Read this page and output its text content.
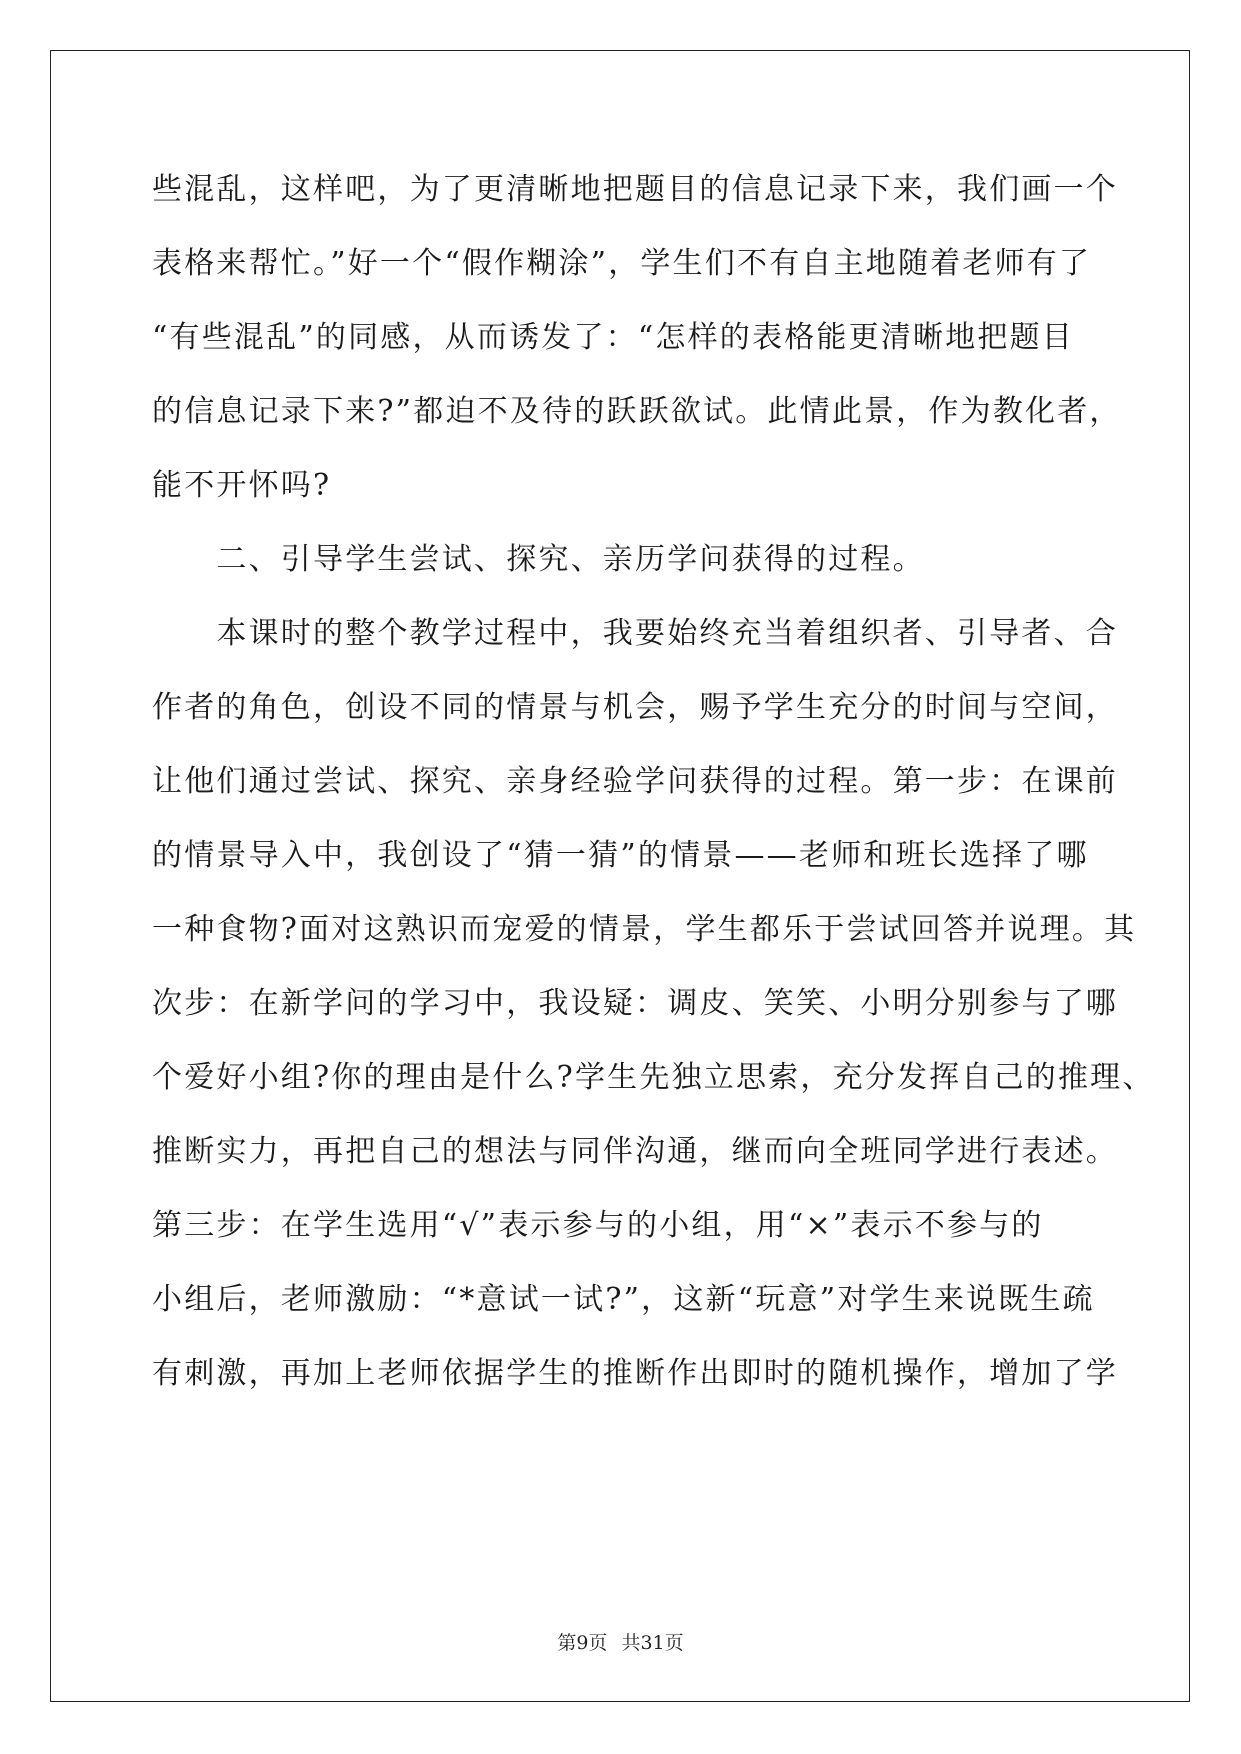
些混乱，这样吧，为了更清晰地把题目的信息记录下来，我们画一个
表格来帮忙。”好一个“假作糊涂”，学生们不有自主地随着老师有了
“有些混乱”的同感，从而诱发了：“怎样的表格能更清晰地把题目
的信息记录下来?”都迫不及待的跃跃欲试。此情此景，作为教化者，
能不开怀吗?
　　二、引导学生尝试、探究、亲历学问获得的过程。
　　本课时的整个教学过程中，我要始终充当着组织者、引导者、合
作者的角色，创设不同的情景与机会，赐予学生充分的时间与空间，
让他们通过尝试、探究、亲身经验学问获得的过程。第一步：在课前
的情景导入中，我创设了“猜一猜”的情景——老师和班长选择了哪
一种食物?面对这熟识而宠爱的情景，学生都乐于尝试回答并说理。其
次步：在新学问的学习中，我设疑：调皮、笑笑、小明分别参与了哪
个爱好小组?你的理由是什么?学生先独立思索，充分发挥自己的推理、
推断实力，再把自己的想法与同伴沟通，继而向全班同学进行表述。
第三步：在学生选用“√”表示参与的小组，用“×”表示不参与的
小组后，老师激励：“*意试一试?”，这新“玩意”对学生来说既生疏
有刺激，再加上老师依据学生的推断作出即时的随机操作，增加了学
第9页 共31页
